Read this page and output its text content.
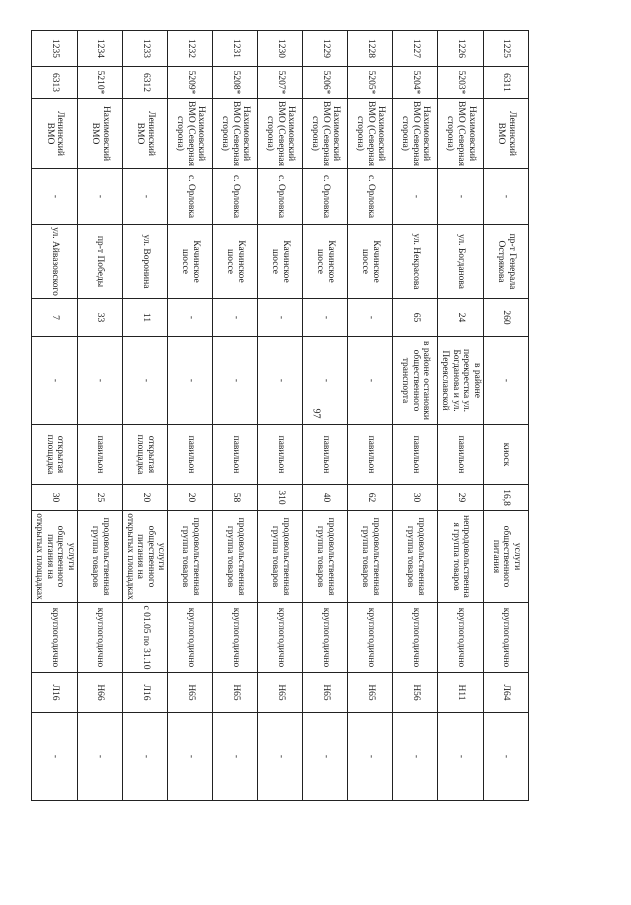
97
1225	6311	Ленинский ВМО	-	пр-т Генерала Острякова	260	-	киоск	16,8	услуги общественного питания	круглогодично	Л64	-
1226	5203*	Нахимовский ВМО (Северная сторона)	-	ул. Богданова	24	в районе перекрестка ул. Богданова и ул. Переяславской	павильон	29	непродовольственная группа товаров	круглогодично	Н11	-
1227	5204*	Нахимовский ВМО (Северная сторона)	-	ул. Некрасова	65	в районе остановки общественного транспорта	павильон	30	продовольственная группа товаров	круглогодично	Н56	-
1228	5205*	Нахимовский ВМО (Северная сторона)	с. Орловка	Качинское шоссе	-	-	павильон	62	продовольственная группа товаров	круглогодично	Н65	-
1229	5206*	Нахимовский ВМО (Северная сторона)	с. Орловка	Качинское шоссе	-	-	павильон	40	продовольственная группа товаров	круглогодично	Н65	-
1230	5207*	Нахимовский ВМО (Северная сторона)	с. Орловка	Качинское шоссе	-	-	павильон	310	продовольственная группа товаров	круглогодично	Н65	-
1231	5208*	Нахимовский ВМО (Северная сторона)	с. Орловка	Качинское шоссе	-	-	павильон	58	продовольственная группа товаров	круглогодично	Н65	-
1232	5209*	Нахимовский ВМО (Северная сторона)	с. Орловка	Качинское шоссе	-	-	павильон	20	продовольственная группа товаров	круглогодично	Н65	-
1233	6312	Ленинский ВМО	-	ул. Воронина	11	-	открытая площадка	20	услуги общественного питания на открытых площадках	с 01.05 по 31.10	Л16	-
1234	5210*	Нахимовский ВМО	-	пр-т Победы	33	-	павильон	25	продовольственная группа товаров	круглогодично	Н66	-
1235	6313	Ленинский ВМО	-	ул. Айвазовского	7	-	открытая площадка	30	услуги общественного питания на открытых площадках	круглогодично	Л16	-
